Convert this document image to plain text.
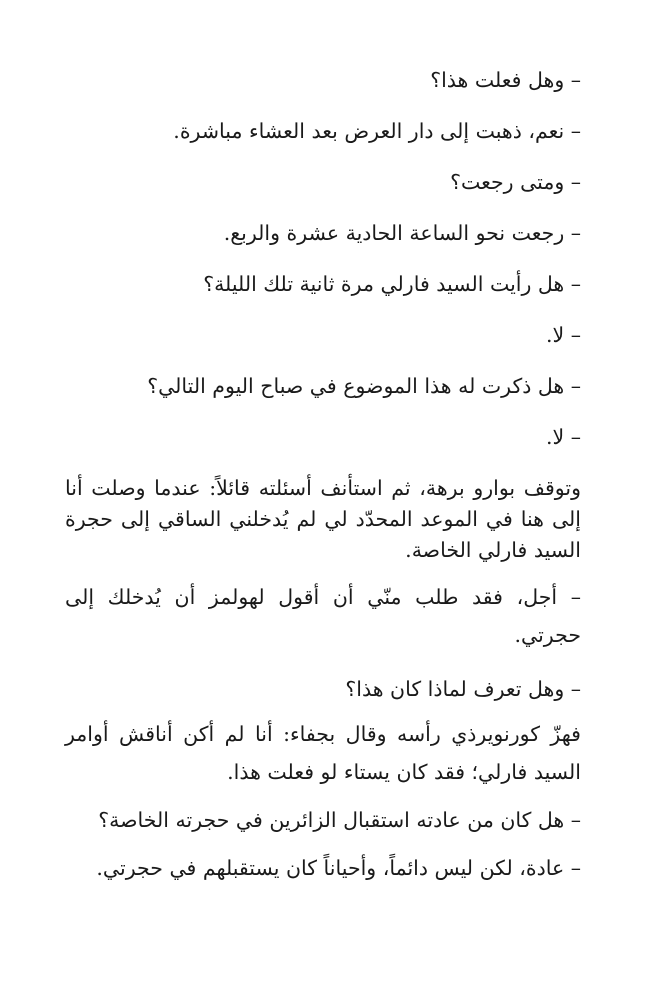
– وهل فعلت هذا؟

– نعم، ذهبت إلى دار العرض بعد العشاء مباشرة.

– ومتى رجعت؟

– رجعت نحو الساعة الحادية عشرة والربع.

– هل رأيت السيد فارلي مرة ثانية تلك الليلة؟

– لا.

– هل ذكرت له هذا الموضوع في صباح اليوم التالي؟

– لا.

وتوقف بوارو برهة، ثم استأنف أسئلته قائلاً: عندما وصلت أنا إلى هنا في الموعد المحدّد لي لم يُدخلني الساقي إلى حجرة السيد فارلي الخاصة.

– أجل، فقد طلب منّي أن أقول لهولمز أن يُدخلك إلى حجرتي.

– وهل تعرف لماذا كان هذا؟

فهزّ كورنويرذي رأسه وقال بجفاء: أنا لم أكن أناقش أوامر السيد فارلي؛ فقد كان يستاء لو فعلت هذا.

– هل كان من عادته استقبال الزائرين في حجرته الخاصة؟

– عادة، لكن ليس دائماً، وأحياناً كان يستقبلهم في حجرتي.
